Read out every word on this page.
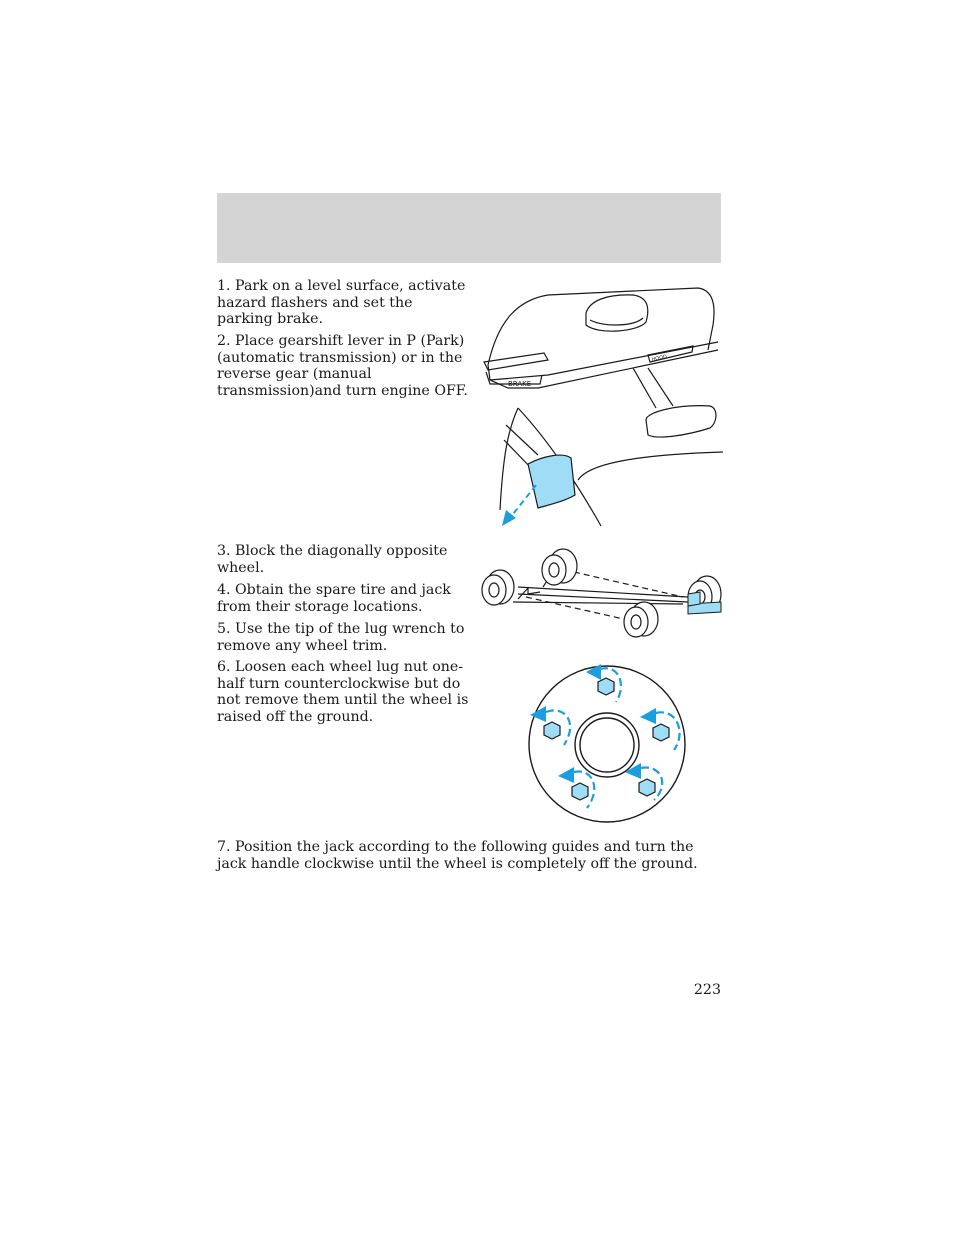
1. Park on a level surface, activate hazard flashers and set the parking brake.

2. Place gearshift lever in P (Park) (automatic transmission) or in the reverse gear (manual transmission)and turn engine OFF.	BRAKE
HOOD

3. Block the diagonally opposite wheel.

4. Obtain the spare tire and jack from their storage locations.

5. Use the tip of the lug wrench to remove any wheel trim.

6. Loosen each wheel lug nut one-half turn counterclockwise but do not remove them until the wheel is raised off the ground.

7. Position the jack according to the following guides and turn the jack handle clockwise until the wheel is completely off the ground.

223
